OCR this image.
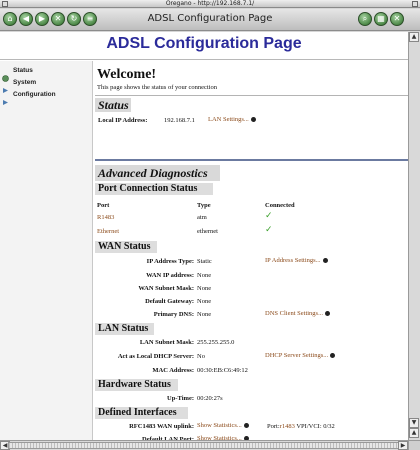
Oregano - http://192.168.7.1/
⌂	◀	▶	✕	↻	≡	ADSL Configuration Page	⌕	▦	✕
ADSL Configuration Page
Status
System
Configuration
Welcome!
This page shows the status of your connection
Status
Local IP Address:	192.168.7.1 LAN Settings...
Advanced Diagnostics
Port Connection Status
Port	Type	Connected
R1483	atm	✓
Ethernet	ethernet	✓
WAN Status
IP Address Type: Static	IP Address Settings...
WAN IP address: None
WAN Subnet Mask: None
Default Gateway: None
Primary DNS: None	DNS Client Settings...
LAN Status
LAN Subnet Mask: 255.255.255.0
Act as Local DHCP Server: No	DHCP Server Settings...
MAC Address: 00:30:EB:C6:49:12
Hardware Status
Up-Time: 00:20:27s
Defined Interfaces
RFC1483 WAN uplink: Show Statistics...	Port:r1483 VPI/VCI: 0/32
Default LAN Port: Show Statistics...
▲
▼
▲
◀	▶
